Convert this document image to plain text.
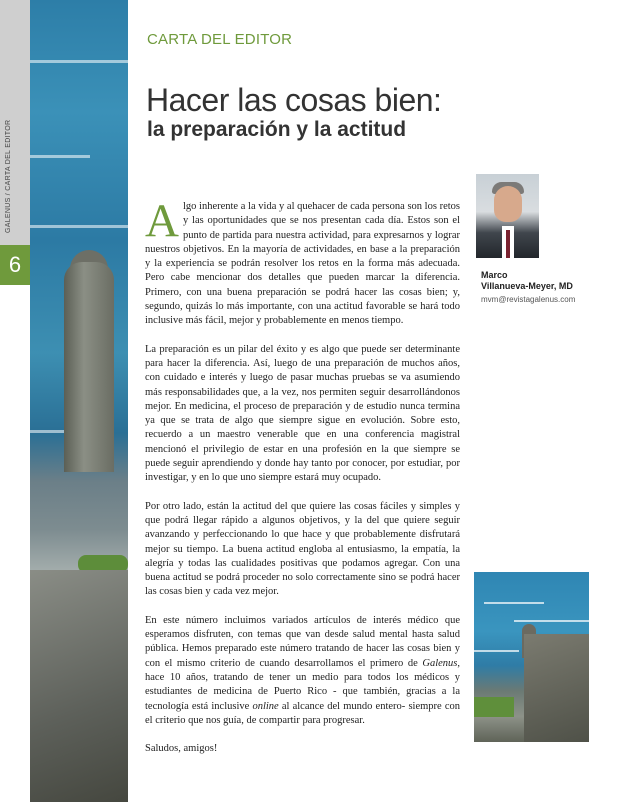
GALENUS / CARTA DEL EDITOR
6
CARTA DEL EDITOR
Hacer las cosas bien:
la preparación y la actitud

Algo inherente a la vida y al quehacer de cada persona son los retos y las oportunidades que se nos presentan cada día. Estos son el punto de partida para nuestra actividad, para expresarnos y lograr nuestros objetivos. En la mayoría de actividades, en base a la preparación y la experiencia se podrán resolver los retos en la forma más adecuada. Pero cabe mencionar dos detalles que pueden marcar la diferencia. Primero, con una buena preparación se podrá hacer las cosas bien; y, segundo, quizás lo más importante, con una actitud favorable se hará todo inclusive más fácil, mejor y probablemente en menos tiempo.

La preparación es un pilar del éxito y es algo que puede ser determinante para hacer la diferencia. Así, luego de una preparación de muchos años, con cuidado e interés y luego de pasar muchas pruebas se va asumiendo más responsabilidades que, a la vez, nos permiten seguir desarrollándonos mejor. En medicina, el proceso de preparación y de estudio nunca termina ya que se trata de algo que siempre sigue en evolución. Sobre esto, recuerdo a un maestro venerable que en una conferencia magistral mencionó el privilegio de estar en una profesión en la que siempre se puede seguir aprendiendo y donde hay tanto por conocer, por estudiar, por investigar, y en lo que uno siempre estará muy ocupado.

Por otro lado, están la actitud del que quiere las cosas fáciles y simples y que podrá llegar rápido a algunos objetivos, y la del que quiere seguir avanzando y perfeccionando lo que hace y que probablemente disfrutará mejor su tiempo. La buena actitud engloba al entusiasmo, la empatía, la alegría y todas las cualidades positivas que podamos agregar. Con una buena actitud se podrá proceder no solo correctamente sino se podrá hacer las cosas bien y cada vez mejor.

En este número incluimos variados artículos de interés médico que esperamos disfruten, con temas que van desde salud mental hasta salud pública. Hemos preparado este número tratando de hacer las cosas bien y con el mismo criterio de cuando desarrollamos el primero de Galenus, hace 10 años, tratando de tener un medio para todos los médicos y estudiantes de medicina de Puerto Rico - que también, gracias a la tecnología está inclusive online al alcance del mundo entero- siempre con el criterio que nos guía, de compartir para progresar.

Saludos, amigos!

Marco
Villanueva-Meyer, MD
mvm@revistagalenus.com
